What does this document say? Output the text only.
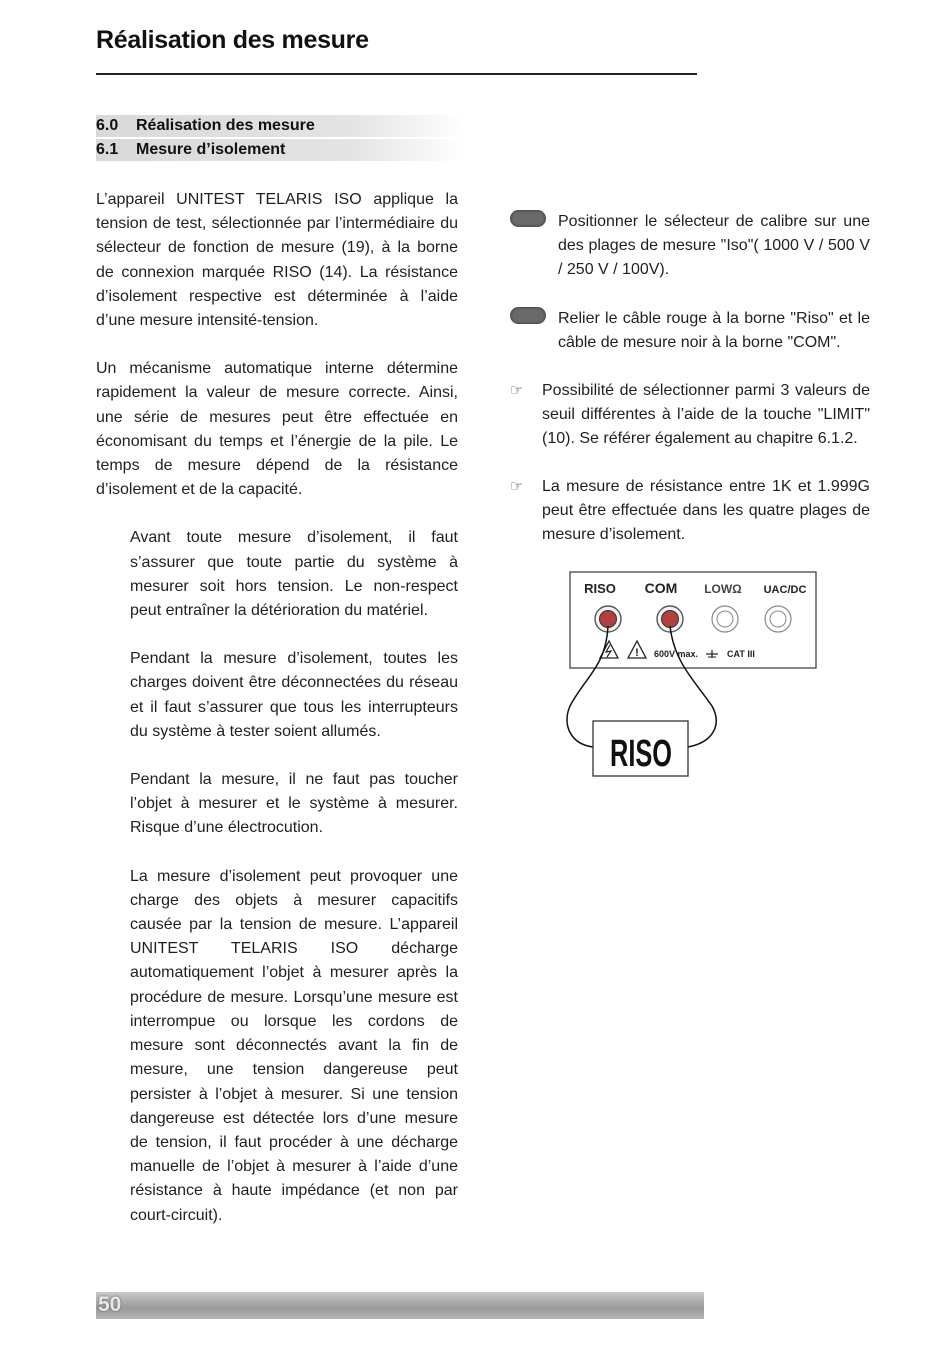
Réalisation des mesure
6.0 Réalisation des mesure
6.1 Mesure d’isolement

L’appareil UNITEST TELARIS ISO applique la tension de test, sélectionnée par l’intermédiaire du sélecteur de fonction de mesure (19), à la borne de connexion marquée RISO (14). La résistance d’isolement respective est déterminée à l’aide d’une mesure intensité-tension.

Un mécanisme automatique interne détermine rapidement la valeur de mesure correcte. Ainsi, une série de mesures peut être effectuée en économisant du temps et l’énergie de la pile. Le temps de mesure dépend de la résistance d’isolement et de la capacité.

Avant toute mesure d’isolement, il faut s’assurer que toute partie du système à mesurer soit hors tension. Le non-respect peut entraîner la détérioration du matériel.

Pendant la mesure d’isolement, toutes les charges doivent être déconnectées du réseau et il faut s’assurer que tous les interrupteurs du système à tester soient allumés.

Pendant la mesure, il ne faut pas toucher l’objet à mesurer et le système à mesurer. Risque d’une électrocution.

La mesure d’isolement peut provoquer une charge des objets à mesurer capacitifs causée par la tension de mesure. L’appareil UNITEST TELARIS ISO décharge automatiquement l’objet à mesurer après la procédure de mesure. Lorsqu’une mesure est interrompue ou lorsque les cordons de mesure sont déconnectés avant la fin de mesure, une tension dangereuse peut persister à l’objet à mesurer. Si une tension dangereuse est détectée lors d’une mesure de tension, il faut procéder à une décharge manuelle de l’objet à mesurer à l’aide d’une résistance à haute impédance (et non par court-circuit).

Positionner le sélecteur de calibre sur une des plages de mesure "Iso"( 1000 V / 500 V / 250 V / 100V).
Relier le câble rouge à la borne "Riso" et le câble de mesure noir à la borne "COM".
☞ Possibilité de sélectionner parmi 3 valeurs de seuil différentes à l’aide de la touche "LIMIT" (10). Se référer également au chapitre 6.1.2.
☞ La mesure de résistance entre 1K et 1.999G peut être effectuée dans les quatre plages de mesure d’isolement.
RISO COM LOWΩ UAC/DC
! 600V max.	CAT III
RISO
50
